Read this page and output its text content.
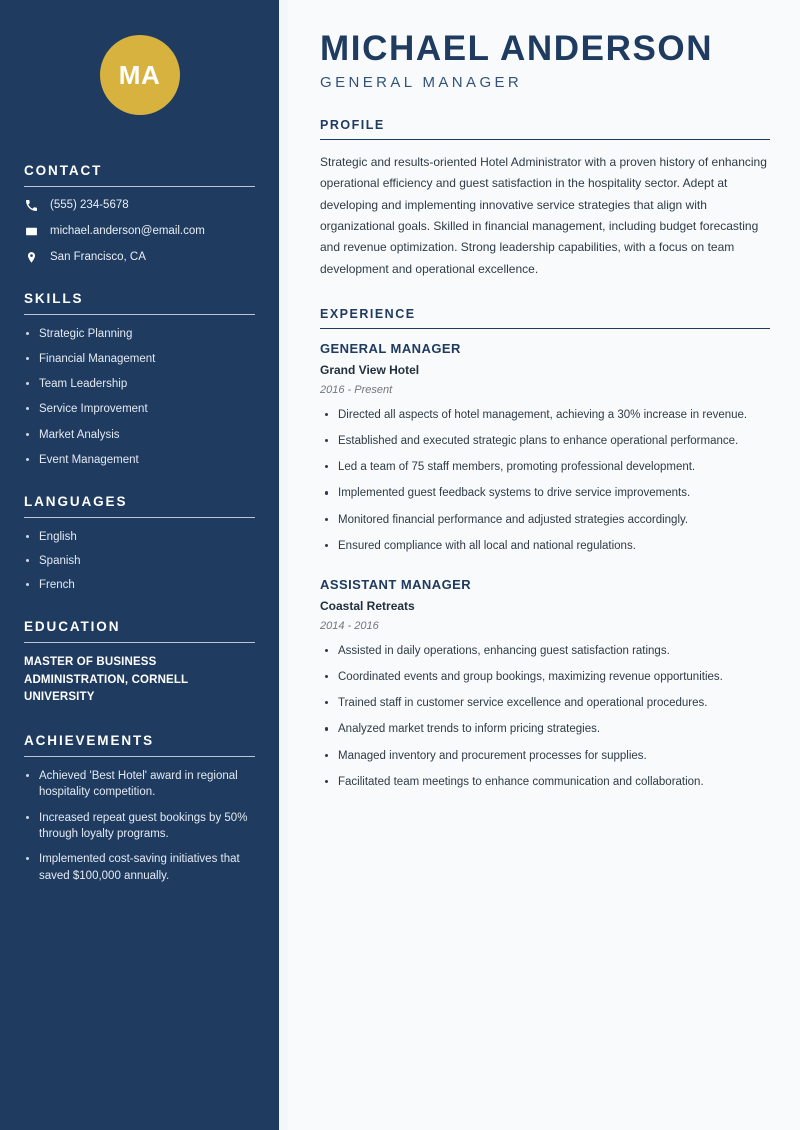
MA
CONTACT
(555) 234-5678
michael.anderson@email.com
San Francisco, CA
SKILLS
Strategic Planning
Financial Management
Team Leadership
Service Improvement
Market Analysis
Event Management
LANGUAGES
English
Spanish
French
EDUCATION
MASTER OF BUSINESS ADMINISTRATION, CORNELL UNIVERSITY
ACHIEVEMENTS
Achieved 'Best Hotel' award in regional hospitality competition.
Increased repeat guest bookings by 50% through loyalty programs.
Implemented cost-saving initiatives that saved $100,000 annually.
MICHAEL ANDERSON
GENERAL MANAGER
PROFILE

Strategic and results-oriented Hotel Administrator with a proven history of enhancing operational efficiency and guest satisfaction in the hospitality sector. Adept at developing and implementing innovative service strategies that align with organizational goals. Skilled in financial management, including budget forecasting and revenue optimization. Strong leadership capabilities, with a focus on team development and operational excellence.

EXPERIENCE
GENERAL MANAGER
Grand View Hotel
2016 - Present
Directed all aspects of hotel management, achieving a 30% increase in revenue.
Established and executed strategic plans to enhance operational performance.
Led a team of 75 staff members, promoting professional development.
Implemented guest feedback systems to drive service improvements.
Monitored financial performance and adjusted strategies accordingly.
Ensured compliance with all local and national regulations.
ASSISTANT MANAGER
Coastal Retreats
2014 - 2016
Assisted in daily operations, enhancing guest satisfaction ratings.
Coordinated events and group bookings, maximizing revenue opportunities.
Trained staff in customer service excellence and operational procedures.
Analyzed market trends to inform pricing strategies.
Managed inventory and procurement processes for supplies.
Facilitated team meetings to enhance communication and collaboration.
